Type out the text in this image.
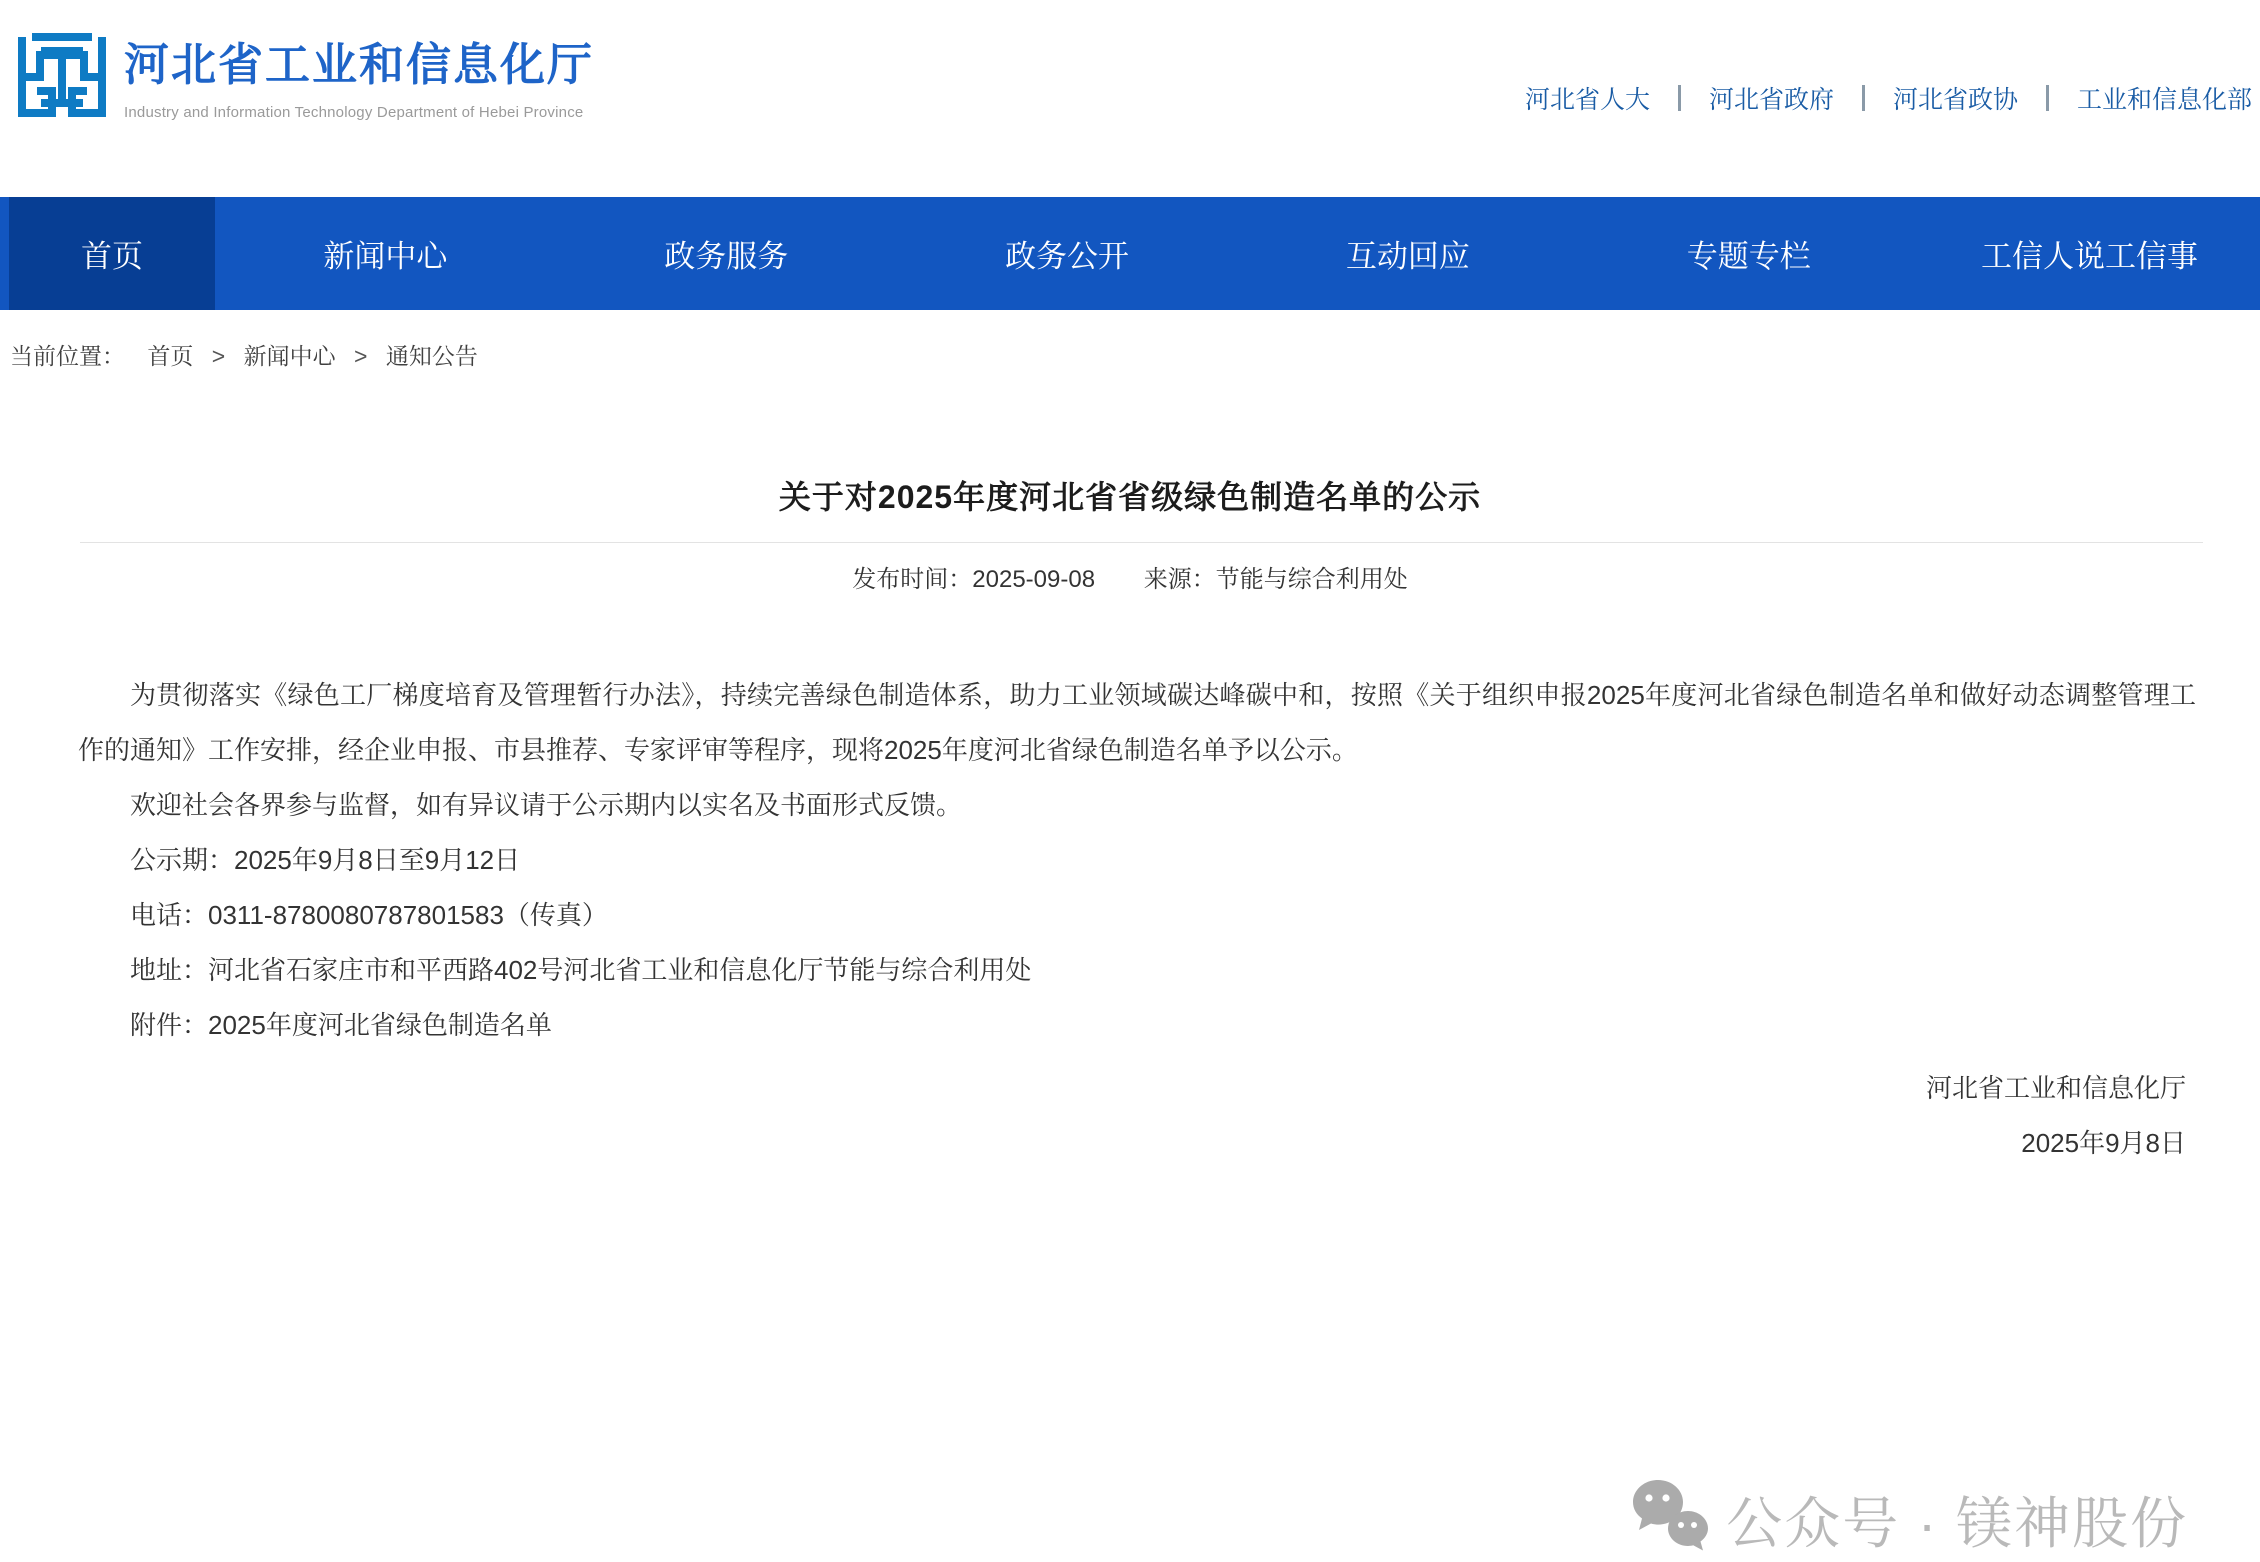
河北省工业和信息化厅
Industry and Information Technology Department of Hebei Province	河北省人大 河北省政府 河北省政协 工业和信息化部
首页	新闻中心	政务服务	政务公开	互动回应	专题专栏	工信人说工信事
当前位置： 首页 > 新闻中心 > 通知公告
公众号 · 镁神股份
关于对2025年度河北省省级绿色制造名单的公示
发布时间：2025-09-08 来源：节能与综合利用处

为贯彻落实《绿色工厂梯度培育及管理暂行办法》，持续完善绿色制造体系，助力工业领域碳达峰碳中和，按照《关于组织申报2025年度河北省绿色制造名单和做好动态调整管理工作的通知》工作安排，经企业申报、市县推荐、专家评审等程序，现将2025年度河北省绿色制造名单予以公示。

欢迎社会各界参与监督，如有异议请于公示期内以实名及书面形式反馈。

公示期：2025年9月8日至9月12日

电话：0311-8780080787801583（传真）

地址：河北省石家庄市和平西路402号河北省工业和信息化厅节能与综合利用处

附件：2025年度河北省绿色制造名单

河北省工业和信息化厅
2025年9月8日
